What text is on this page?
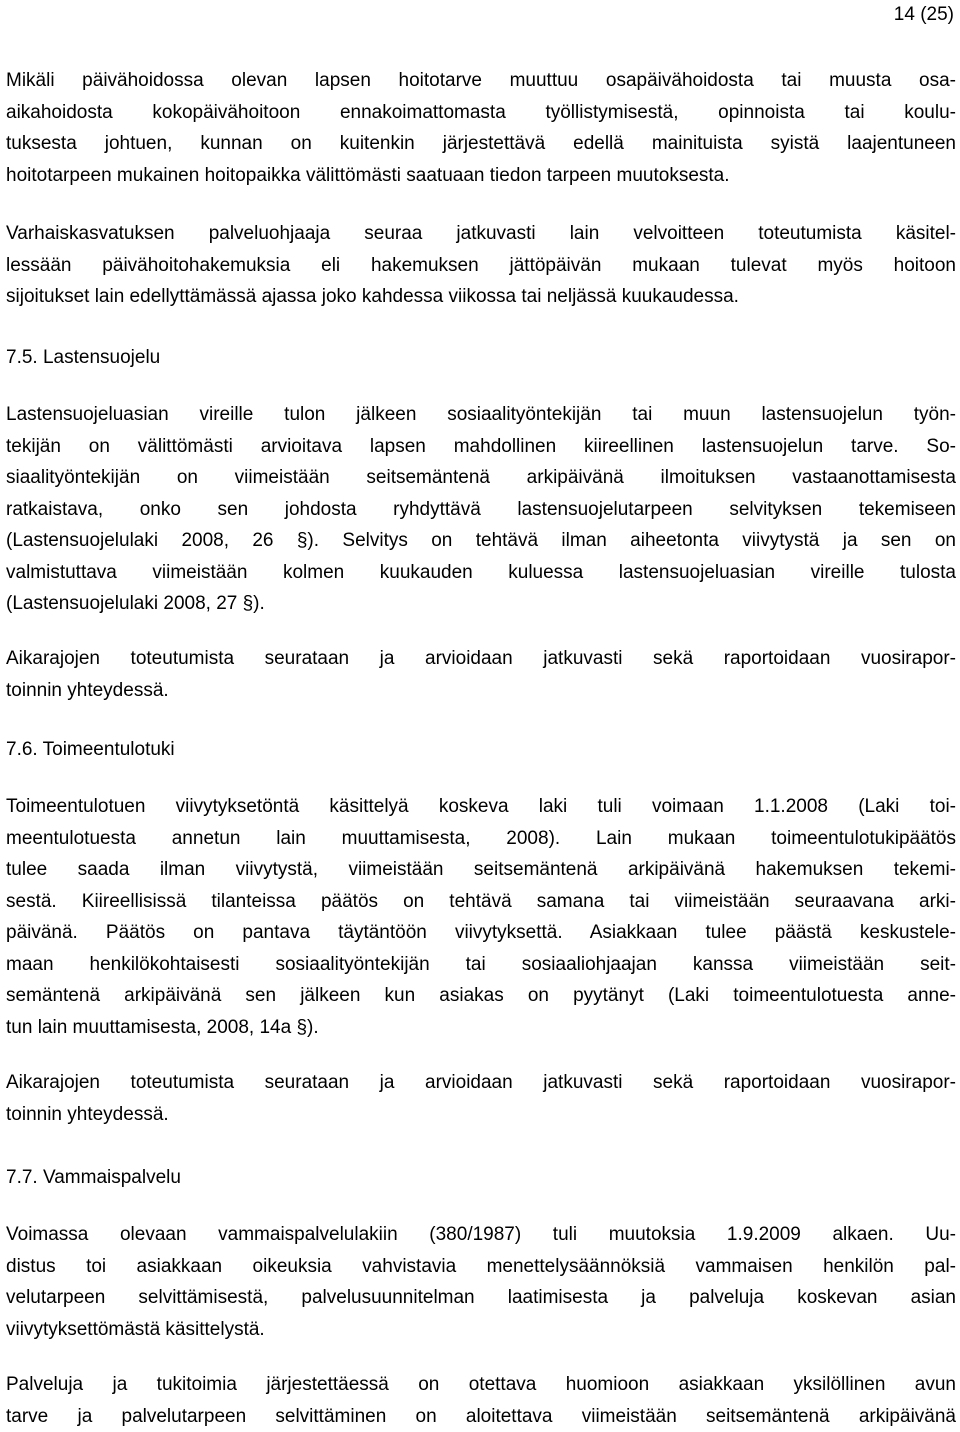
14 (25)
Mikäli päivähoidossa olevan lapsen hoitotarve muuttuu osapäivähoidosta tai muusta osa-
aikahoidosta kokopäivähoitoon ennakoimattomasta työllistymisestä, opinnoista tai koulu-
tuksesta johtuen, kunnan on kuitenkin järjestettävä edellä mainituista syistä laajentuneen
hoitotarpeen mukainen hoitopaikka välittömästi saatuaan tiedon tarpeen muutoksesta.
Varhaiskasvatuksen palveluohjaaja seuraa jatkuvasti lain velvoitteen toteutumista käsitel-
lessään päivähoitohakemuksia eli hakemuksen jättöpäivän mukaan tulevat myös hoitoon
sijoitukset lain edellyttämässä ajassa joko kahdessa viikossa tai neljässä kuukaudessa.
7.5. Lastensuojelu
Lastensuojeluasian vireille tulon jälkeen sosiaalityöntekijän tai muun lastensuojelun työn-
tekijän on välittömästi arvioitava lapsen mahdollinen kiireellinen lastensuojelun tarve. So-
siaalityöntekijän on viimeistään seitsemäntenä arkipäivänä ilmoituksen vastaanottamisesta
ratkaistava, onko sen johdosta ryhdyttävä lastensuojelutarpeen selvityksen tekemiseen
(Lastensuojelulaki 2008, 26 §). Selvitys on tehtävä ilman aiheetonta viivytystä ja sen on
valmistuttava viimeistään kolmen kuukauden kuluessa lastensuojeluasian vireille tulosta
(Lastensuojelulaki 2008, 27 §).
Aikarajojen toteutumista seurataan ja arvioidaan jatkuvasti sekä raportoidaan vuosirapor-
toinnin yhteydessä.
7.6. Toimeentulotuki
Toimeentulotuen viivytyksetöntä käsittelyä koskeva laki tuli voimaan 1.1.2008 (Laki toi-
meentulotuesta annetun lain muuttamisesta, 2008). Lain mukaan toimeentulotukipäätös
tulee saada ilman viivytystä, viimeistään seitsemäntenä arkipäivänä hakemuksen tekemi-
sestä. Kiireellisissä tilanteissa päätös on tehtävä samana tai viimeistään seuraavana arki-
päivänä. Päätös on pantava täytäntöön viivytyksettä. Asiakkaan tulee päästä keskustele-
maan henkilökohtaisesti sosiaalityöntekijän tai sosiaaliohjaajan kanssa viimeistään seit-
semäntenä arkipäivänä sen jälkeen kun asiakas on pyytänyt (Laki toimeentulotuesta anne-
tun lain muuttamisesta, 2008, 14a §).
Aikarajojen toteutumista seurataan ja arvioidaan jatkuvasti sekä raportoidaan vuosirapor-
toinnin yhteydessä.
7.7. Vammaispalvelu
Voimassa olevaan vammaispalvelulakiin (380/1987) tuli muutoksia 1.9.2009 alkaen. Uu-
distus toi asiakkaan oikeuksia vahvistavia menettelysäännöksiä vammaisen henkilön pal-
velutarpeen selvittämisestä, palvelusuunnitelman laatimisesta ja palveluja koskevan asian
viivytyksettömästä käsittelystä.
Palveluja ja tukitoimia järjestettäessä on otettava huomioon asiakkaan yksilöllinen avun
tarve ja palvelutarpeen selvittäminen on aloitettava viimeistään seitsemäntenä arkipäivänä
